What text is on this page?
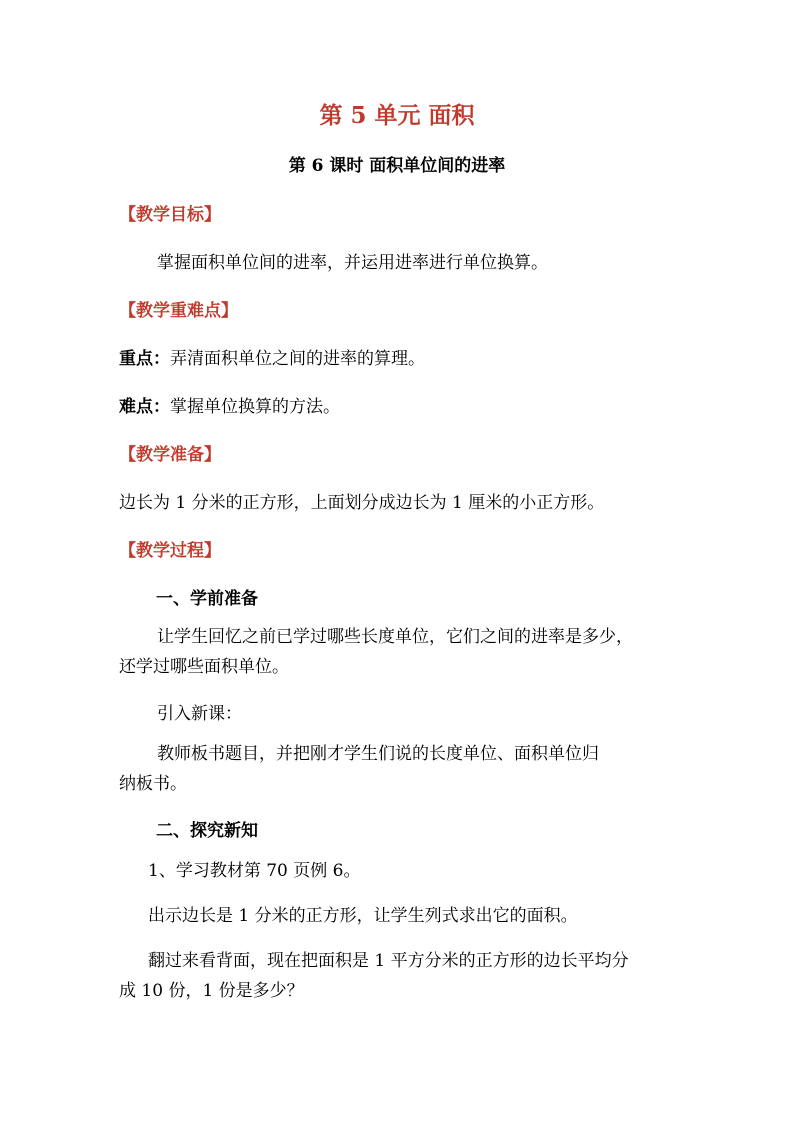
第 5 单元 面积
第 6 课时 面积单位间的进率
【教学目标】
掌握面积单位间的进率，并运用进率进行单位换算。
【教学重难点】
重点：弄清面积单位之间的进率的算理。
难点：掌握单位换算的方法。
【教学准备】
边长为 1 分米的正方形，上面划分成边长为 1 厘米的小正方形。
【教学过程】
一、学前准备
让学生回忆之前已学过哪些长度单位，它们之间的进率是多少，
还学过哪些面积单位。
引入新课：
教师板书题目，并把刚才学生们说的长度单位、面积单位归
纳板书。
二、探究新知
1、学习教材第 70 页例 6。
出示边长是 1 分米的正方形，让学生列式求出它的面积。
翻过来看背面，现在把面积是 1 平方分米的正方形的边长平均分
成 10 份，1 份是多少？
